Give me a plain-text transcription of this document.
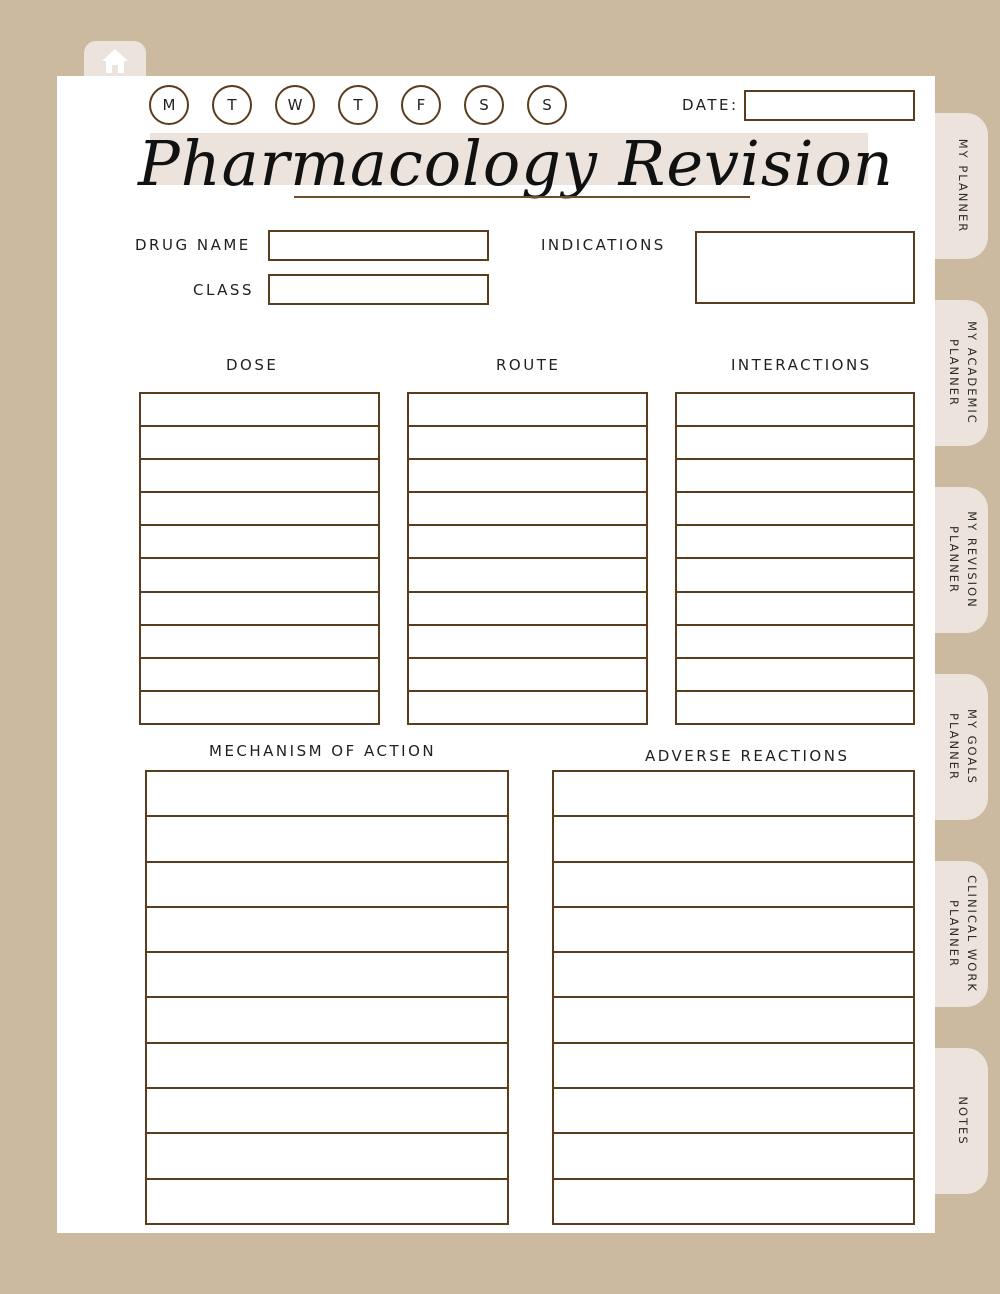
MY PLANNER
MY ACADEMIC
PLANNER
MY REVISION
PLANNER
MY GOALS
PLANNER
CLINICAL WORK
PLANNER
NOTES
M	T	W	T	F	S	S	DATE:
Pharmacology Revision
DRUG NAME
CLASS
INDICATIONS
DOSE	ROUTE	INTERACTIONS
MECHANISM OF ACTION	ADVERSE REACTIONS
